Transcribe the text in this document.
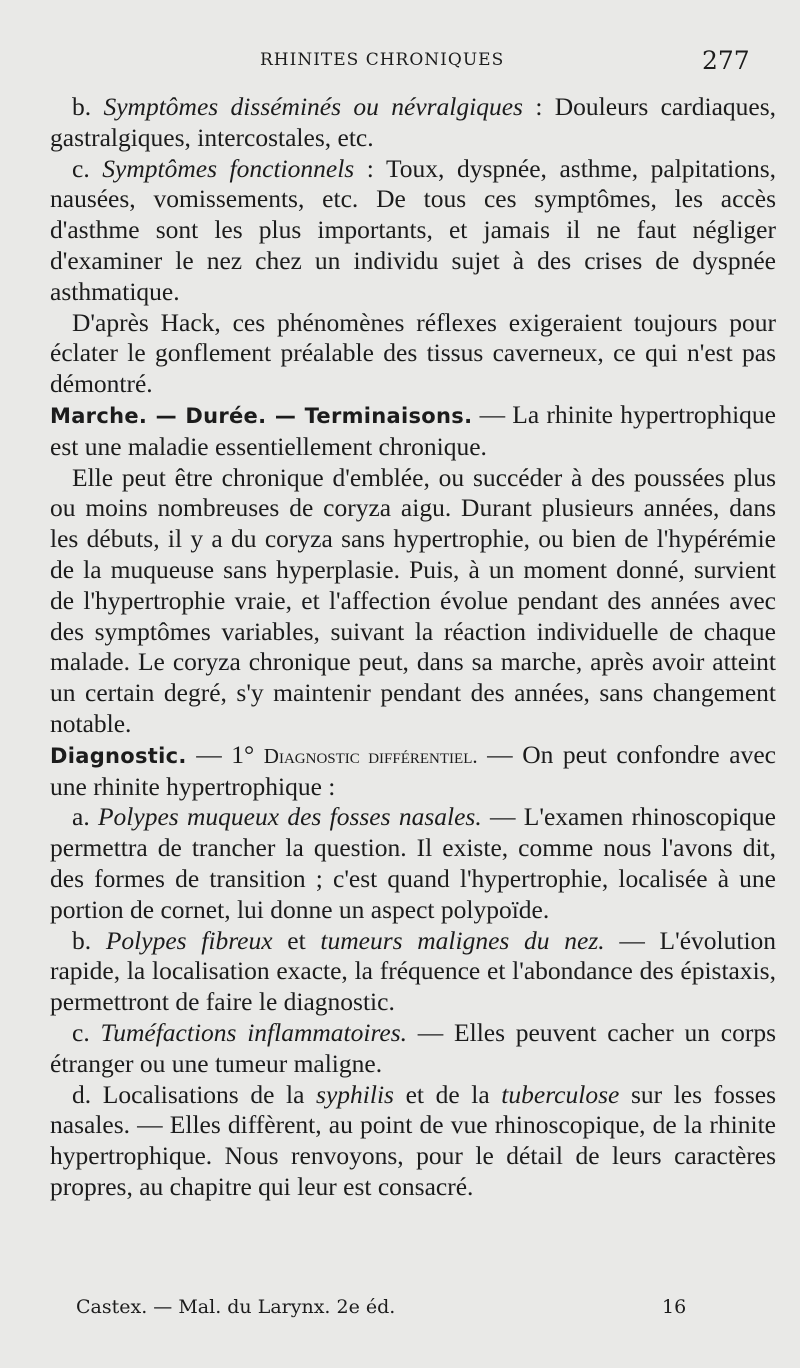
RHINITES CHRONIQUES	277

b. Symptômes disséminés ou névralgiques : Douleurs cardiaques, gastralgiques, intercostales, etc.

c. Symptômes fonctionnels : Toux, dyspnée, asthme, palpitations, nausées, vomissements, etc. De tous ces symptômes, les accès d'asthme sont les plus importants, et jamais il ne faut négliger d'examiner le nez chez un individu sujet à des crises de dyspnée asthmatique.

D'après Hack, ces phénomènes réflexes exigeraient toujours pour éclater le gonflement préalable des tissus caverneux, ce qui n'est pas démontré.

Marche. — Durée. — Terminaisons. — La rhinite hypertrophique est une maladie essentiellement chronique.

Elle peut être chronique d'emblée, ou succéder à des poussées plus ou moins nombreuses de coryza aigu. Durant plusieurs années, dans les débuts, il y a du coryza sans hypertrophie, ou bien de l'hypérémie de la muqueuse sans hyperplasie. Puis, à un moment donné, survient de l'hypertrophie vraie, et l'affection évolue pendant des années avec des symptômes variables, suivant la réaction individuelle de chaque malade. Le coryza chronique peut, dans sa marche, après avoir atteint un certain degré, s'y maintenir pendant des années, sans changement notable.

Diagnostic. — 1° Diagnostic différentiel. — On peut confondre avec une rhinite hypertrophique :

a. Polypes muqueux des fosses nasales. — L'examen rhinoscopique permettra de trancher la question. Il existe, comme nous l'avons dit, des formes de transition ; c'est quand l'hypertrophie, localisée à une portion de cornet, lui donne un aspect polypoïde.

b. Polypes fibreux et tumeurs malignes du nez. — L'évolution rapide, la localisation exacte, la fréquence et l'abondance des épistaxis, permettront de faire le diagnostic.

c. Tuméfactions inflammatoires. — Elles peuvent cacher un corps étranger ou une tumeur maligne.

d. Localisations de la syphilis et de la tuberculose sur les fosses nasales. — Elles diffèrent, au point de vue rhinoscopique, de la rhinite hypertrophique. Nous renvoyons, pour le détail de leurs caractères propres, au chapitre qui leur est consacré.

Castex. — Mal. du Larynx. 2e éd.	16
